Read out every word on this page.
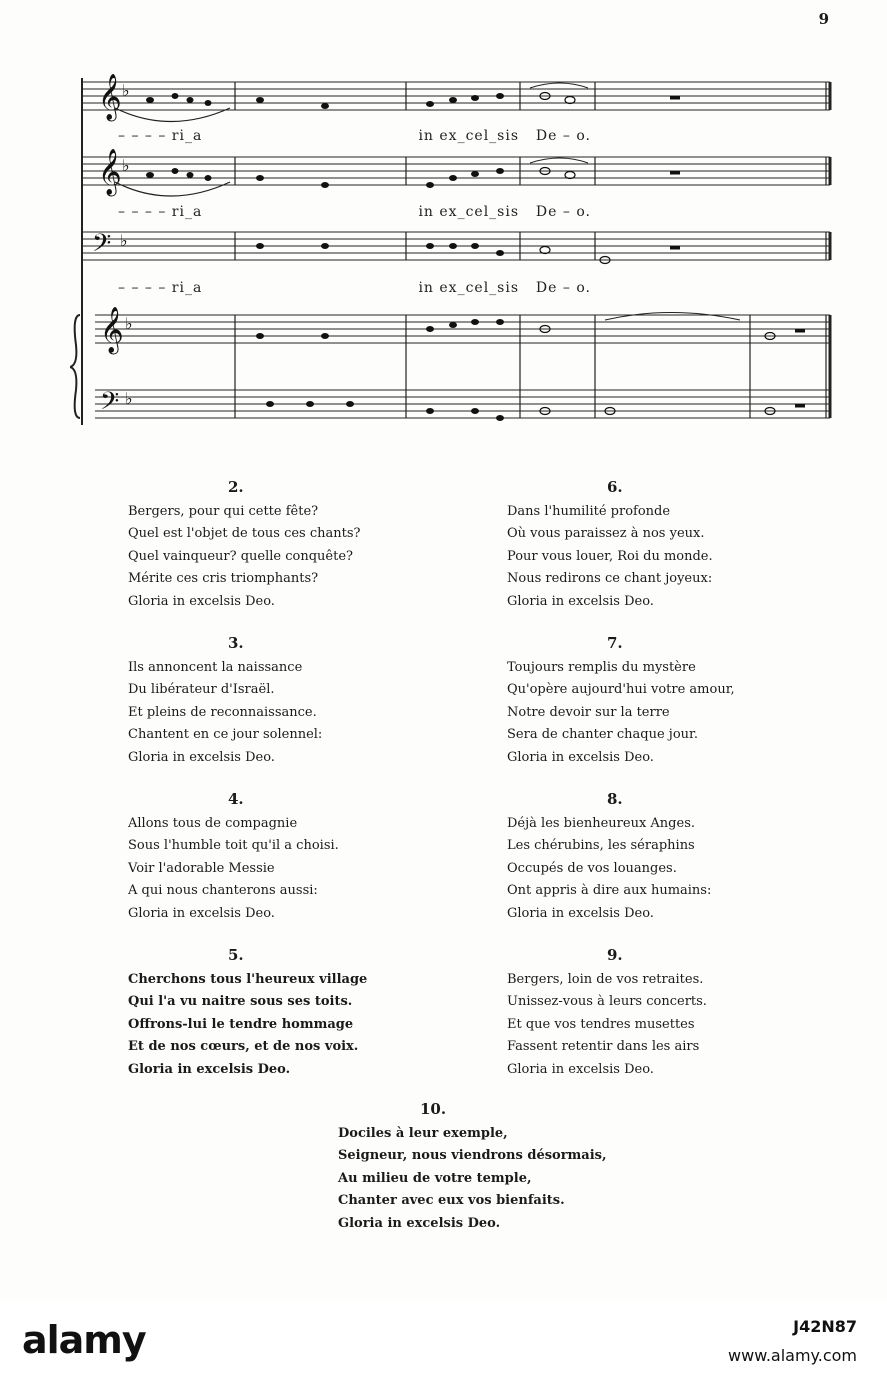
9
𝄞
𝄞
𝄢
𝄞
𝄢
♭
♭
♭
♭
♭
– – – – ri_a	in ex_cel_sis De – o.
– – – – ri_a	in ex_cel_sis De – o.
– – – – ri_a	in ex_cel_sis De – o.
2.
Bergers, pour qui cette fête?
Quel est l'objet de tous ces chants?
Quel vainqueur? quelle conquête?
Mérite ces cris triomphants?
Gloria in excelsis Deo.
3.
Ils annoncent la naissance
Du libérateur d'Israël.
Et pleins de reconnaissance.
Chantent en ce jour solennel:
Gloria in excelsis Deo.
4.
Allons tous de compagnie
Sous l'humble toit qu'il a choisi.
Voir l'adorable Messie
A qui nous chanterons aussi:
Gloria in excelsis Deo.
5.
Cherchons tous l'heureux village
Qui l'a vu naitre sous ses toits.
Offrons-lui le tendre hommage
Et de nos cœurs, et de nos voix.
Gloria in excelsis Deo.
6.
Dans l'humilité profonde
Où vous paraissez à nos yeux.
Pour vous louer, Roi du monde.
Nous redirons ce chant joyeux:
Gloria in excelsis Deo.
7.
Toujours remplis du mystère
Qu'opère aujourd'hui votre amour,
Notre devoir sur la terre
Sera de chanter chaque jour.
Gloria in excelsis Deo.
8.
Déjà les bienheureux Anges.
Les chérubins, les séraphins
Occupés de vos louanges.
Ont appris à dire aux humains:
Gloria in excelsis Deo.
9.
Bergers, loin de vos retraites.
Unissez-vous à leurs concerts.
Et que vos tendres musettes
Fassent retentir dans les airs
Gloria in excelsis Deo.
10.
Dociles à leur exemple,
Seigneur, nous viendrons désormais,
Au milieu de votre temple,
Chanter avec eux vos bienfaits.
Gloria in excelsis Deo.
alamy	J42N87
www.alamy.com
